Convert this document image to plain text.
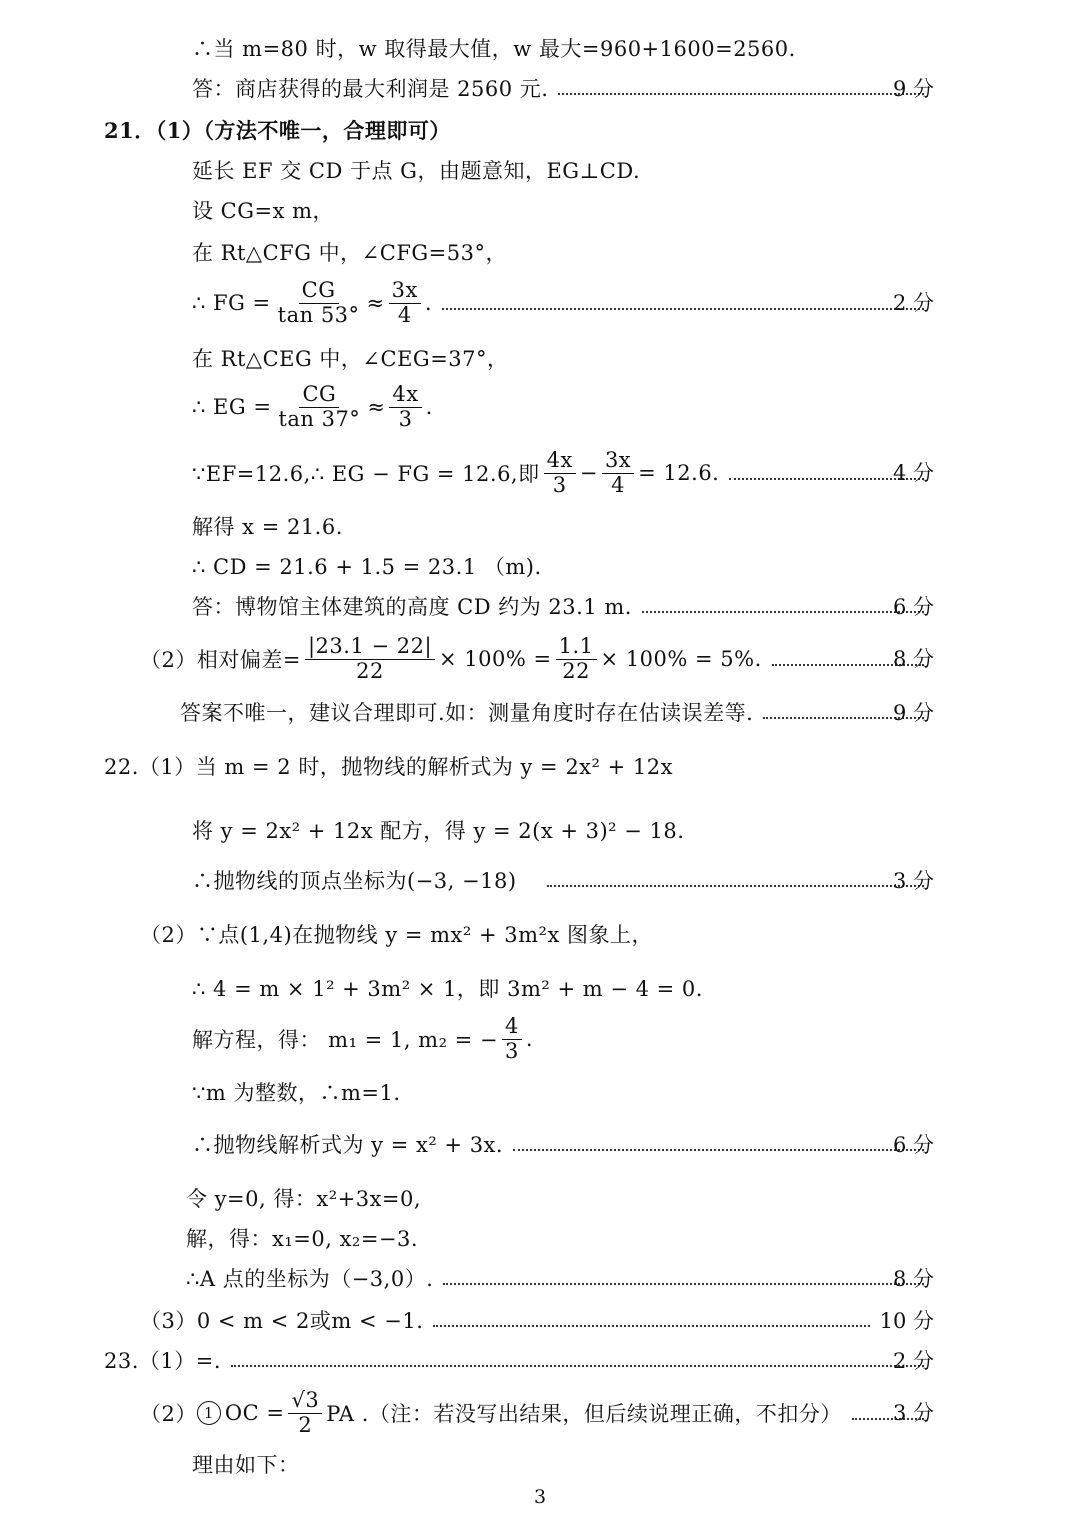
∴当 m=80 时，w 取得最大值，w 最大=960+1600=2560.
答：商店获得的最大利润是 2560 元.	9 分
21．（1）（方法不唯一，合理即可）
延长 EF 交 CD 于点 G，由题意知，EG⊥CD.
设 CG=x m，
在 Rt△CFG 中，∠CFG=53°，
∴ FG = $\frac{CG}{\tan 53^\circ} \approx \frac{3x}{4}$ .	2 分
在 Rt△CEG 中，∠CEG=37°，
∴ EG = $\frac{CG}{\tan 37^\circ} \approx \frac{4x}{3}$ .
∵EF=12.6,∴ EG − FG = 12.6,即 $\frac{4x}{3} - \frac{3x}{4} = 12.6$.	4 分
解得 x = 21.6.
∴ CD = 21.6 + 1.5 = 23.1 （m).
答：博物馆主体建筑的高度 CD 约为 23.1 m.	6 分
（2）相对偏差= $\frac{|23.1 - 22|}{22} \times 100\% = \frac{1.1}{22} \times 100\% = 5\%$.	8 分
答案不唯一，建议合理即可.如：测量角度时存在估读误差等.	9 分
22.（1）当 m = 2 时，抛物线的解析式为 y = 2x² + 12x
将 y = 2x² + 12x 配方，得 y = 2(x + 3)² − 18.
∴抛物线的顶点坐标为(−3, −18)	3 分
（2）∵点(1,4)在抛物线 y = mx² + 3m²x 图象上，
∴ 4 = m × 1² + 3m² × 1，即 3m² + m − 4 = 0.
解方程，得： m₁ = 1, m₂ = − $\frac{4}{3}$ .
∵m 为整数，∴m=1.
∴抛物线解析式为 y = x² + 3x.	6 分
令 y=0, 得：x²+3x=0,
解，得：x₁=0, x₂=−3.
∴A 点的坐标为（−3,0）.	8 分
（3）0 < m < 2或m < −1.	10 分
23.（1）=.	2 分
（2） 1 OC = $\frac{√3}{2}$ PA .（注：若没写出结果，但后续说理正确，不扣分） 3 分
理由如下：
3
